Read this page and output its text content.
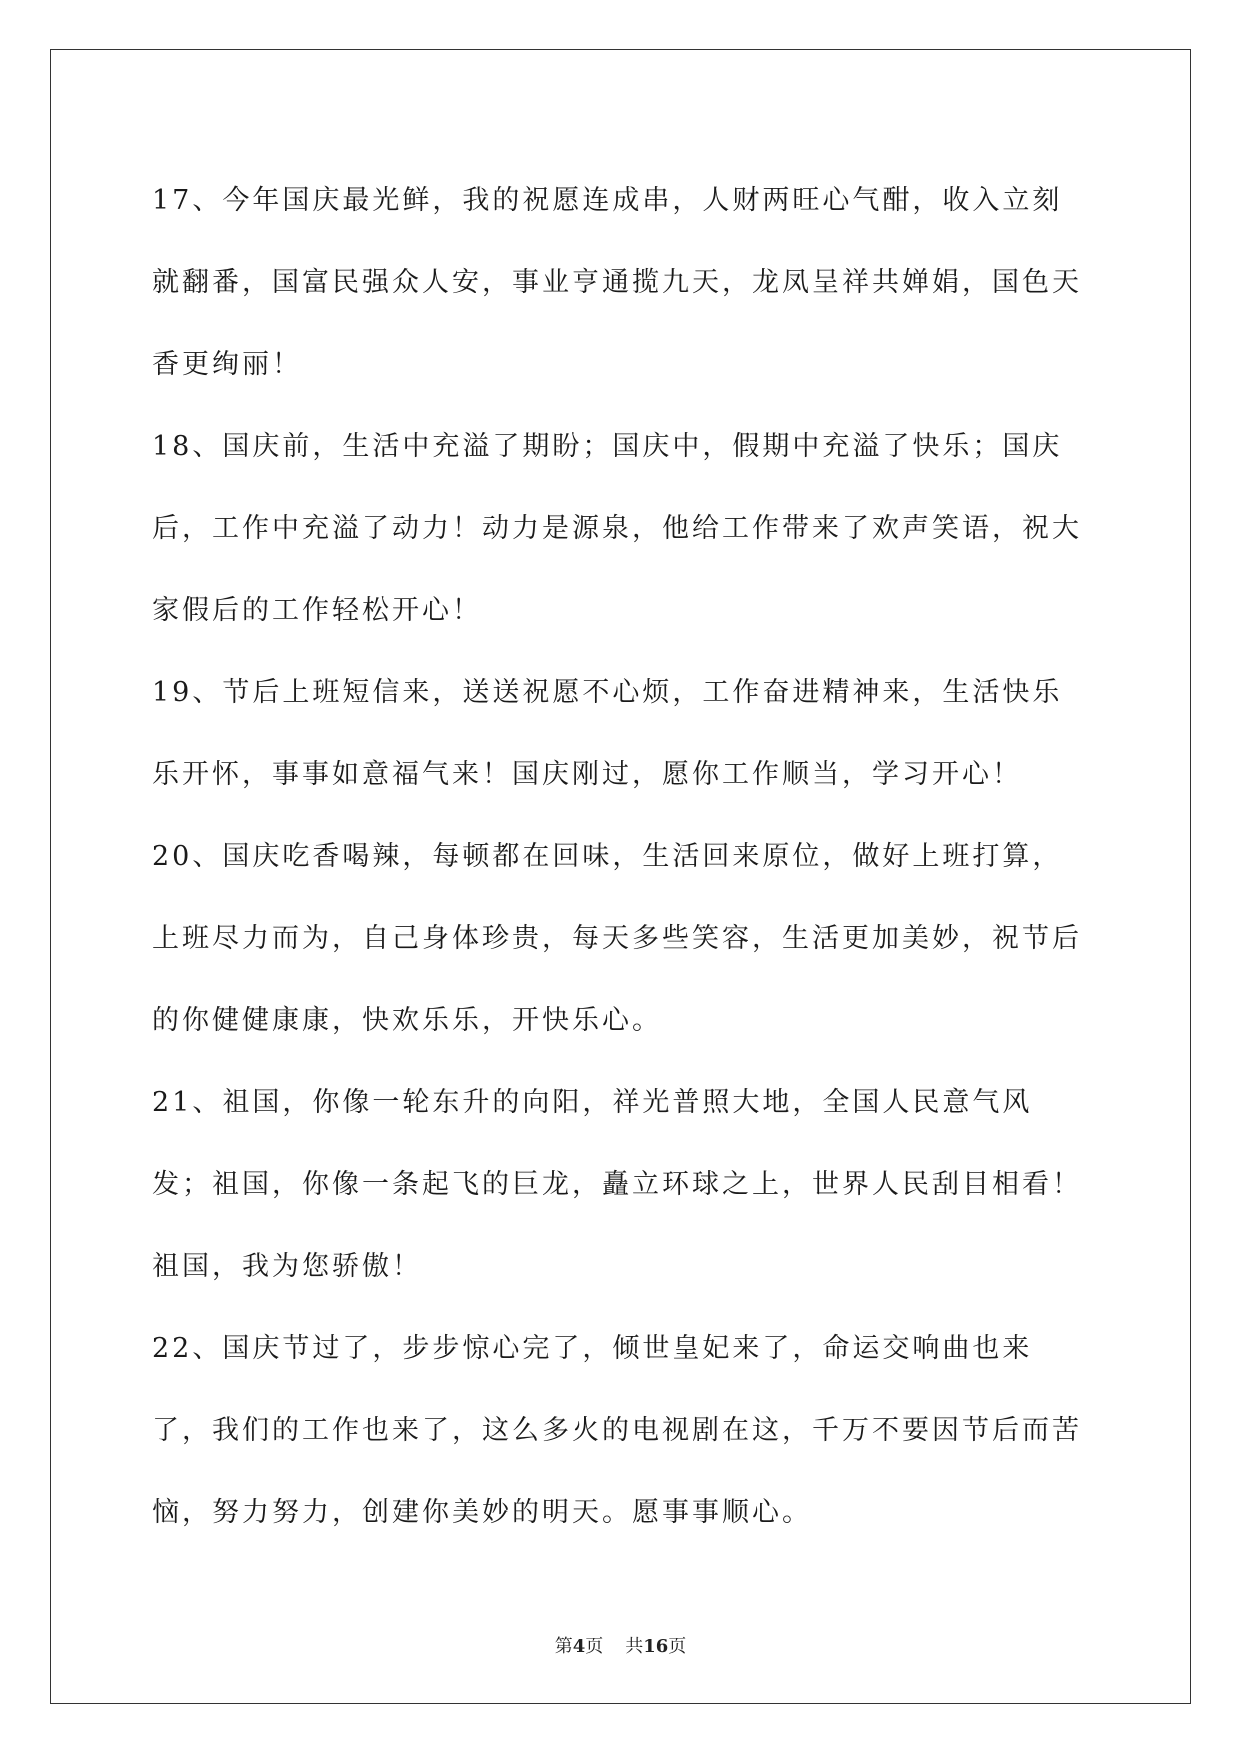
17、今年国庆最光鲜，我的祝愿连成串，人财两旺心气酣，收入立刻就翻番，国富民强众人安，事业亨通揽九天，龙凤呈祥共婵娟，国色天香更绚丽！

18、国庆前，生活中充溢了期盼；国庆中，假期中充溢了快乐；国庆后，工作中充溢了动力！动力是源泉，他给工作带来了欢声笑语，祝大家假后的工作轻松开心！

19、节后上班短信来，送送祝愿不心烦，工作奋进精神来，生活快乐乐开怀，事事如意福气来！国庆刚过，愿你工作顺当，学习开心！

20、国庆吃香喝辣，每顿都在回味，生活回来原位，做好上班打算，上班尽力而为，自己身体珍贵，每天多些笑容，生活更加美妙，祝节后的你健健康康，快欢乐乐，开快乐心。

21、祖国，你像一轮东升的向阳，祥光普照大地，全国人民意气风发；祖国，你像一条起飞的巨龙，矗立环球之上，世界人民刮目相看！祖国，我为您骄傲！

22、国庆节过了，步步惊心完了，倾世皇妃来了，命运交响曲也来了，我们的工作也来了，这么多火的电视剧在这，千万不要因节后而苦恼，努力努力，创建你美妙的明天。愿事事顺心。

第4页 共16页
